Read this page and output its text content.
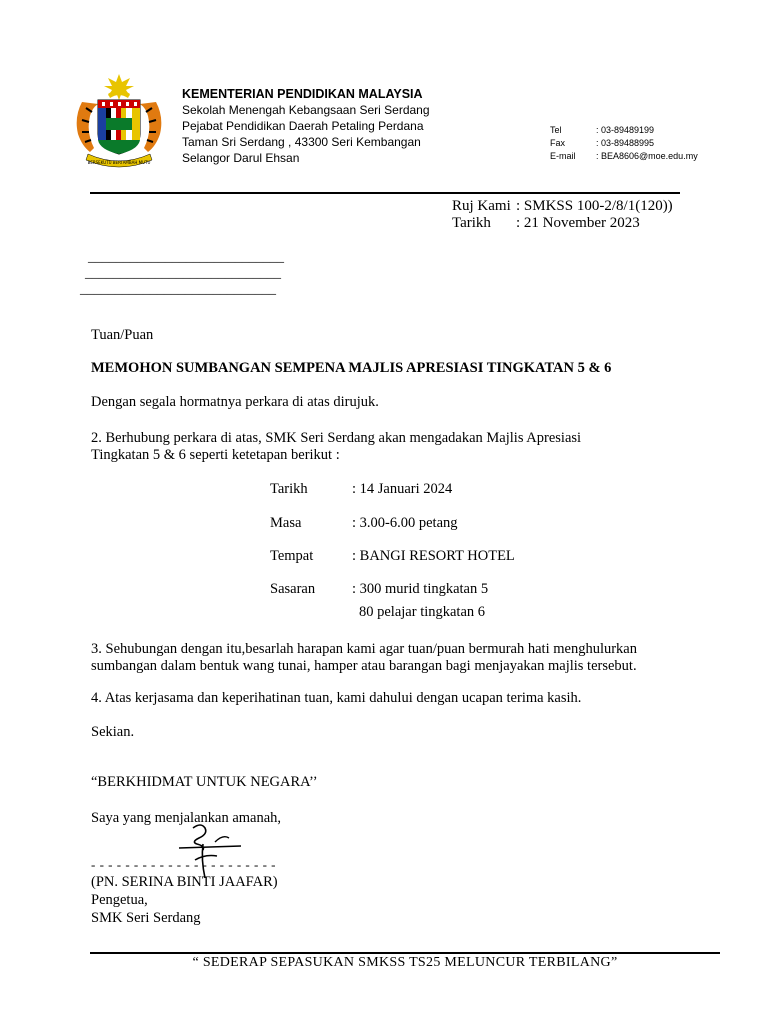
BERSEKUTU BERTAMBAH MUTU
KEMENTERIAN PENDIDIKAN MALAYSIA
Sekolah Menengah Kebangsaan Seri Serdang
Pejabat Pendidikan Daerah Petaling Perdana
Taman Sri Serdang , 43300 Seri Kembangan
Selangor Darul Ehsan
Tel	: 03-89489199
Fax	: 03-89488995
E-mail	: BEA8606@moe.edu.my
Ruj Kami : SMKSS 100-2/8/1(120))
Tarikh	: 21 November 2023
____________________________
____________________________
____________________________
Tuan/Puan
MEMOHON SUMBANGAN SEMPENA MAJLIS APRESIASI TINGKATAN 5 & 6
Dengan segala hormatnya perkara di atas dirujuk.
2. Berhubung perkara di atas, SMK Seri Serdang akan mengadakan Majlis Apresiasi
Tingkatan 5 & 6 seperti ketetapan berikut :
Tarikh	: 14 Januari 2024
Masa	: 3.00-6.00 petang
Tempat	: BANGI RESORT HOTEL
Sasaran	: 300 murid tingkatan 5
80 pelajar tingkatan 6
3. Sehubungan dengan itu,besarlah harapan kami agar tuan/puan bermurah hati menghulurkan
sumbangan dalam bentuk wang tunai, hamper atau barangan bagi menjayakan majlis tersebut.
4. Atas kerjasama dan keperihatinan tuan, kami dahului dengan ucapan terima kasih.
Sekian.
“BERKHIDMAT UNTUK NEGARA’’
Saya yang menjalankan amanah,
- - - - - - - - - - - - - - - - - - - - - -
(PN. SERINA BINTI JAAFAR)
Pengetua,
SMK Seri Serdang
“ SEDERAP SEPASUKAN SMKSS TS25 MELUNCUR TERBILANG”
